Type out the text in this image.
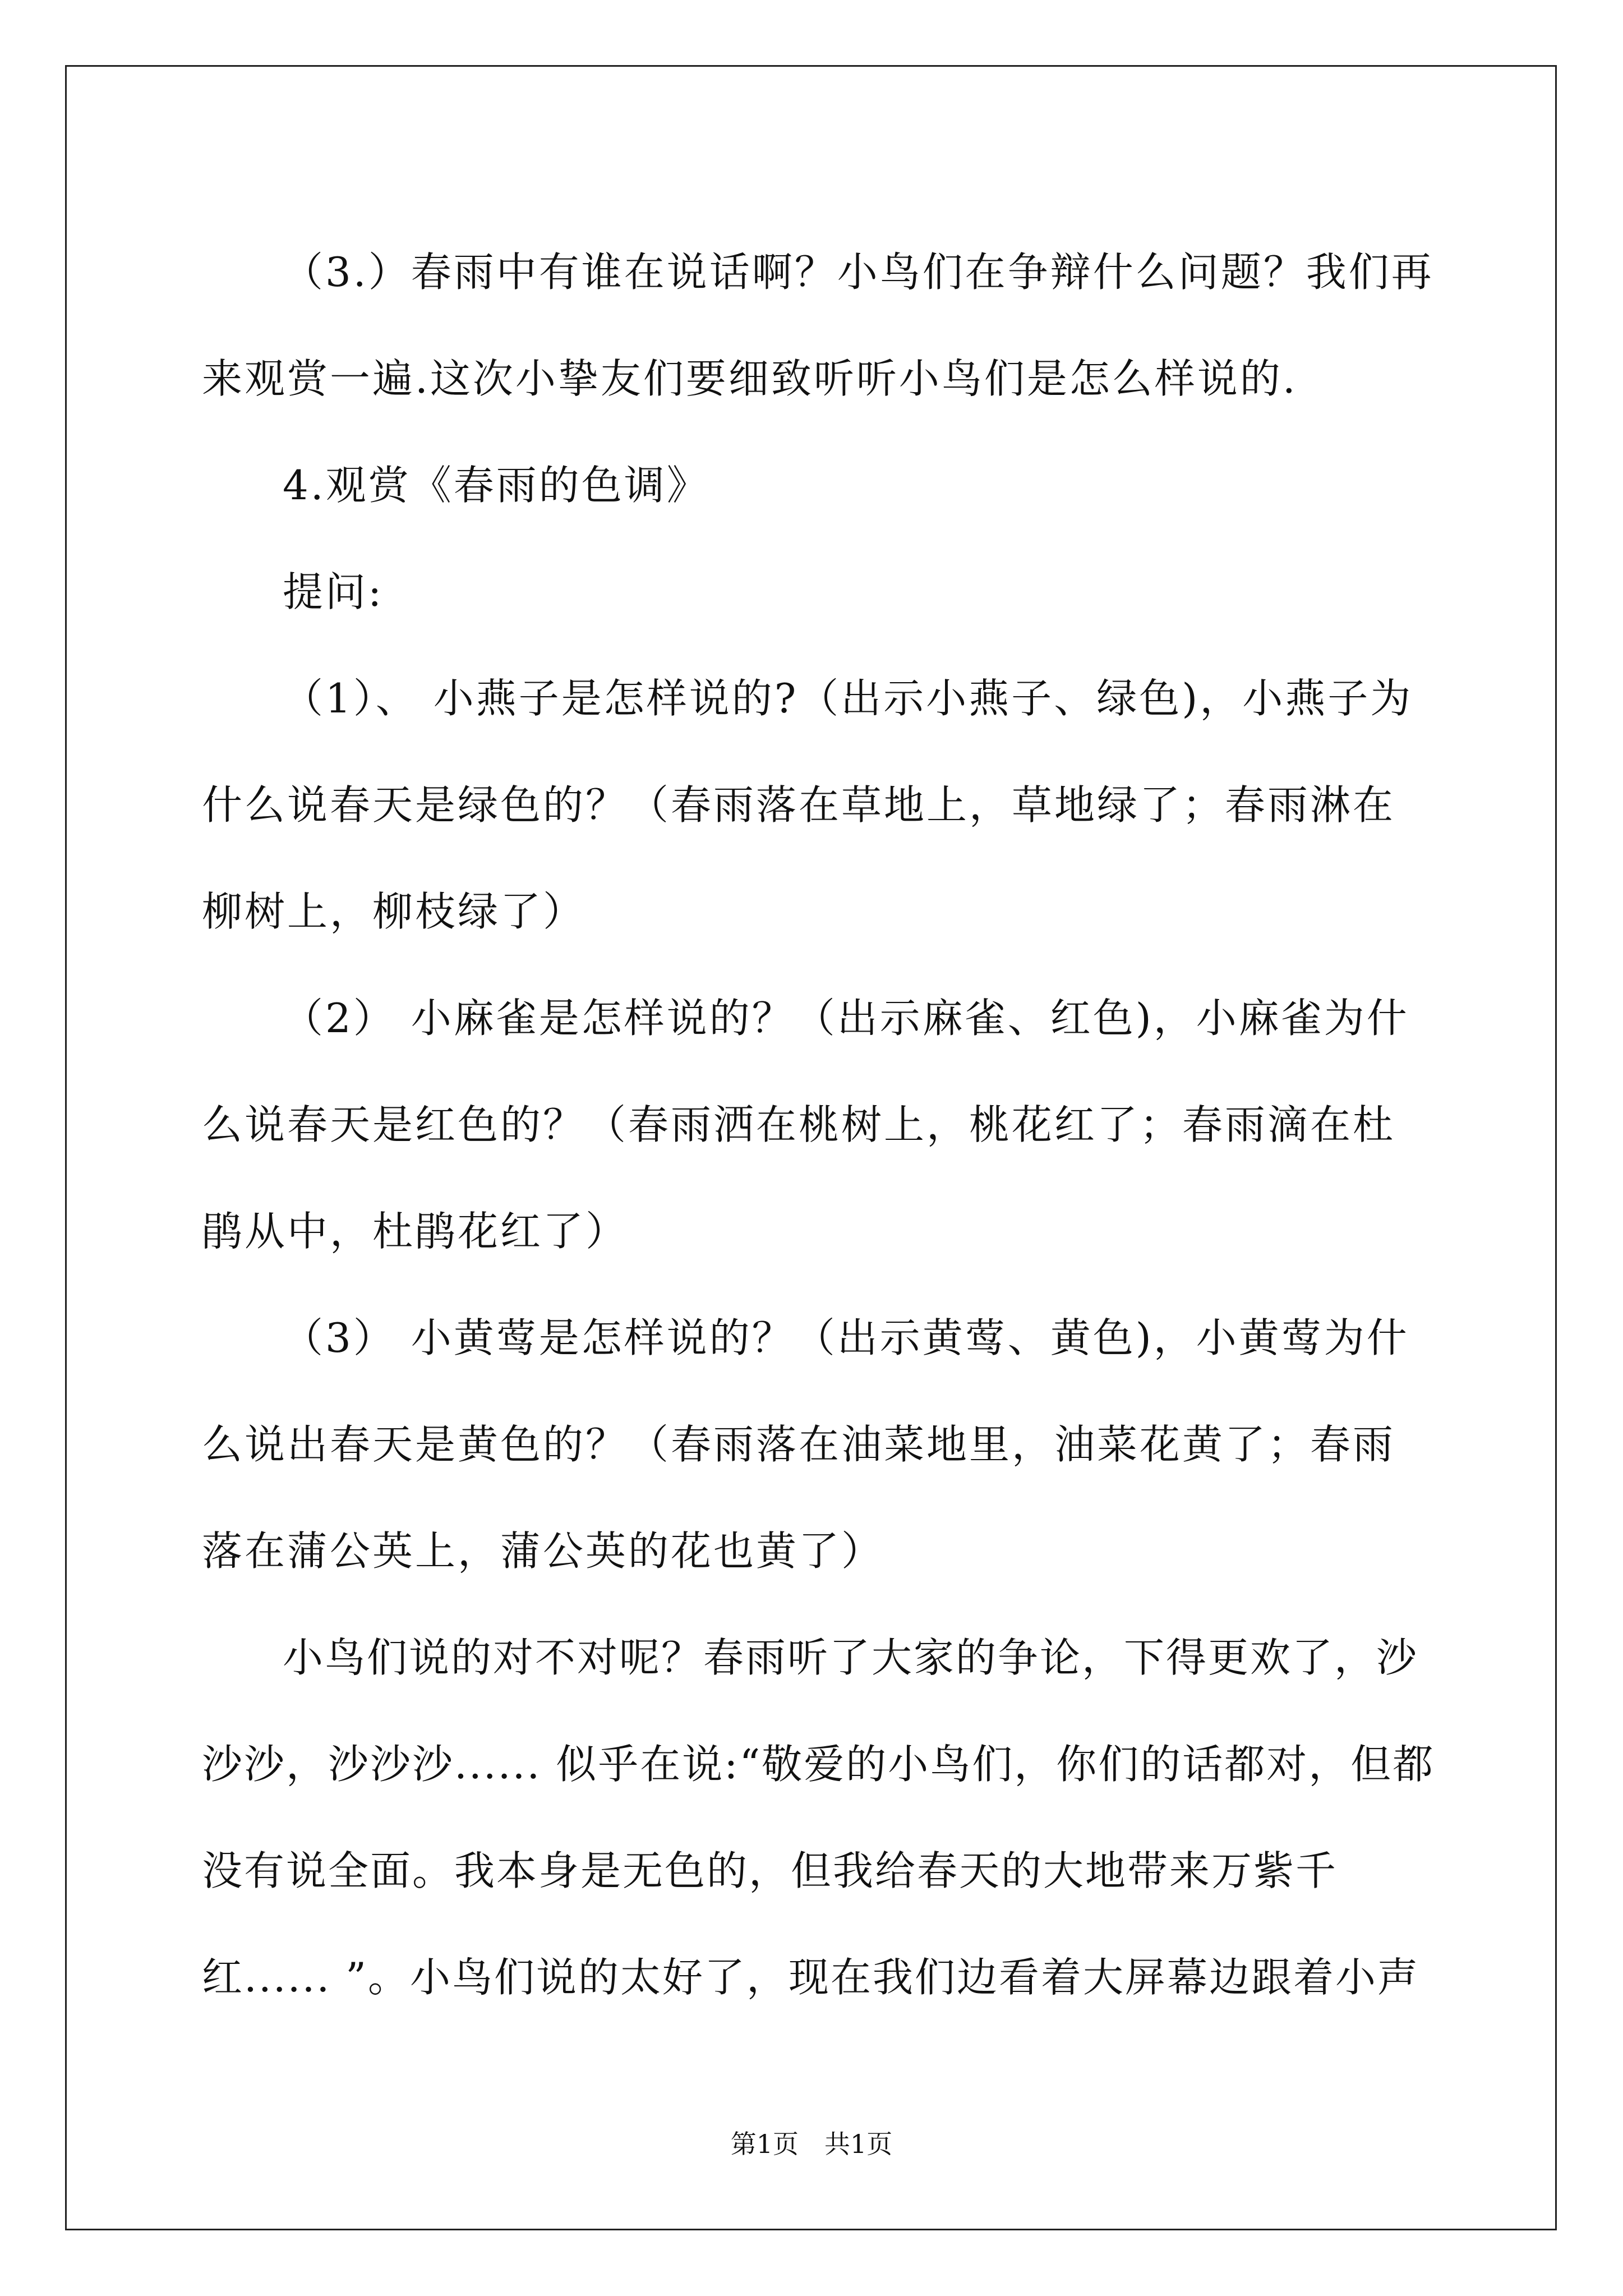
（3.）春雨中有谁在说话啊？小鸟们在争辩什么问题？我们再来观赏一遍.这次小挚友们要细致听听小鸟们是怎么样说的.

4.观赏《春雨的色调》

提问:

（1）、 小燕子是怎样说的?（出示小燕子、绿色)，小燕子为什么说春天是绿色的？（春雨落在草地上，草地绿了；春雨淋在柳树上，柳枝绿了）

（2） 小麻雀是怎样说的？（出示麻雀、红色)，小麻雀为什么说春天是红色的？（春雨洒在桃树上，桃花红了；春雨滴在杜鹃从中，杜鹃花红了）

（3） 小黄莺是怎样说的？（出示黄莺、黄色)，小黄莺为什么说出春天是黄色的？（春雨落在油菜地里，油菜花黄了；春雨落在蒲公英上，蒲公英的花也黄了）

小鸟们说的对不对呢？春雨听了大家的争论，下得更欢了，沙沙沙，沙沙沙...... 似乎在说:“敬爱的小鸟们，你们的话都对，但都没有说全面。我本身是无色的，但我给春天的大地带来万紫千红...... ”。小鸟们说的太好了，现在我们边看着大屏幕边跟着小声

第1页　共1页
